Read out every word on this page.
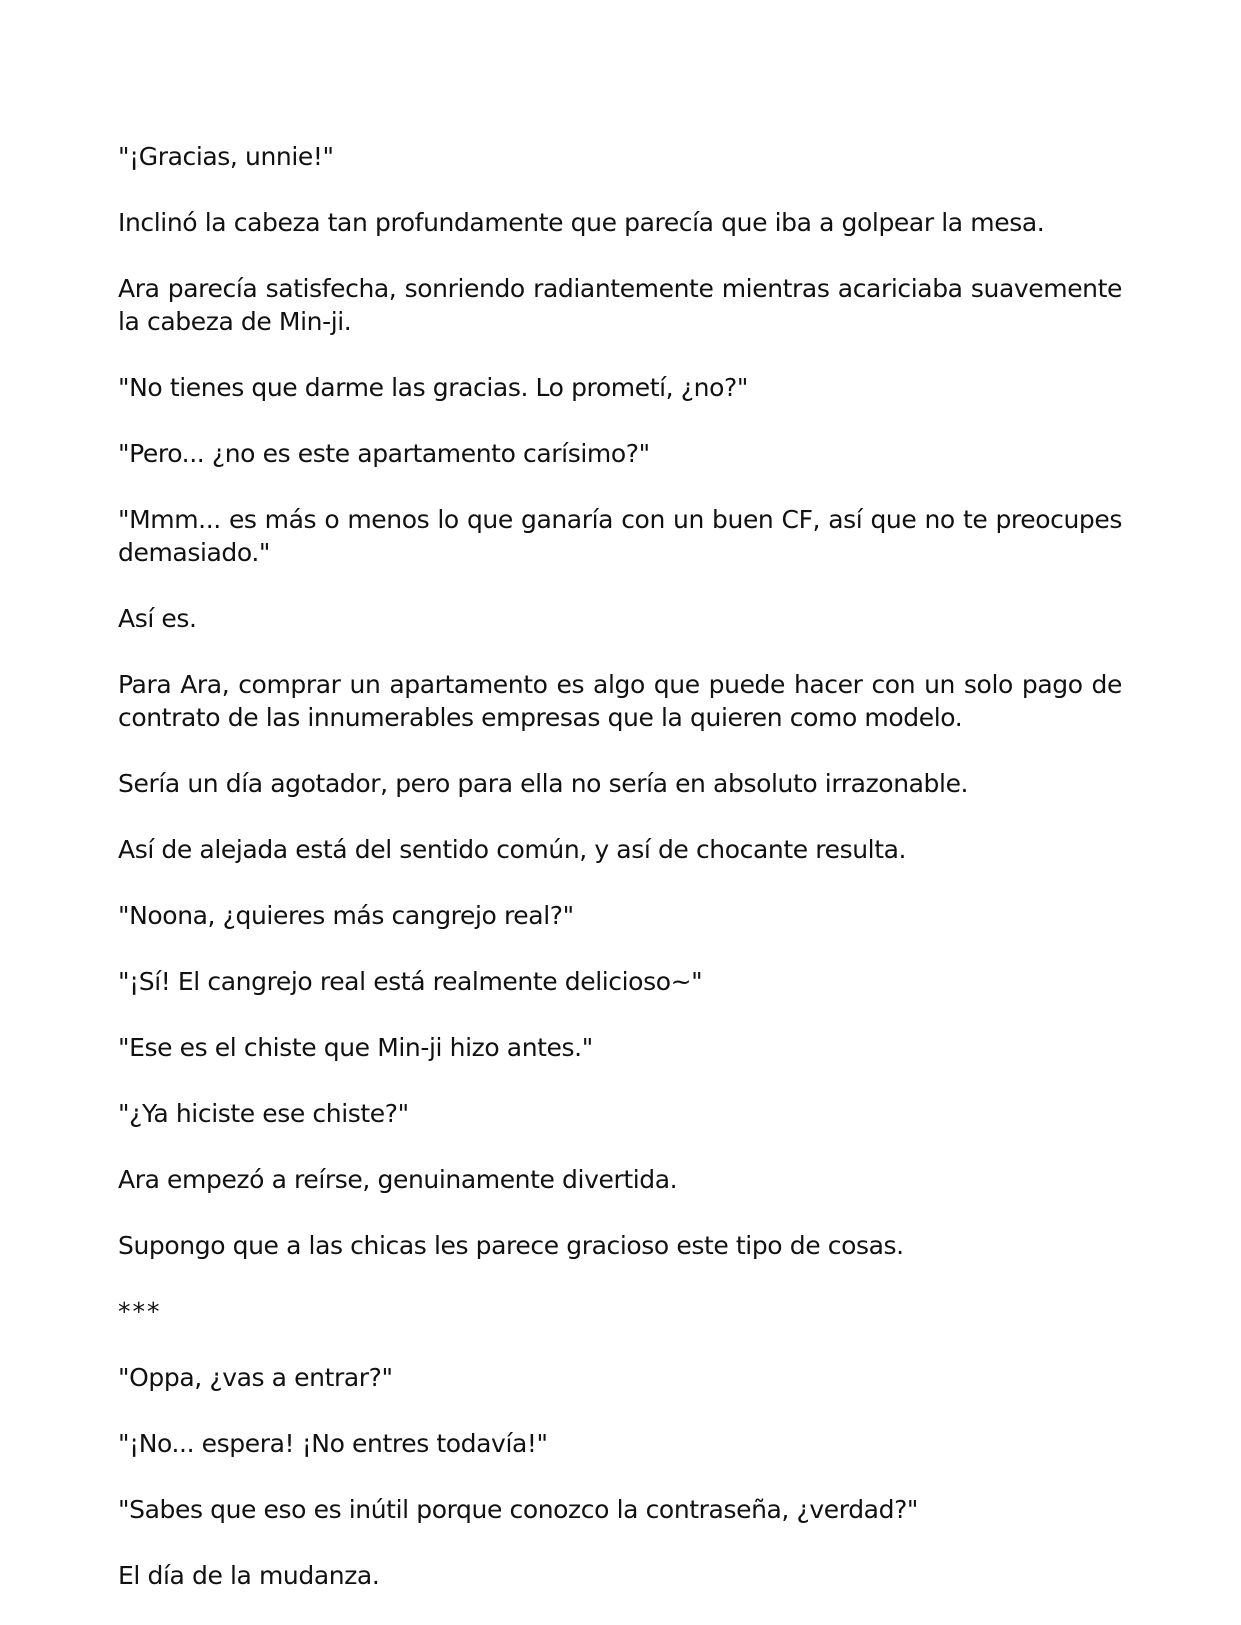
"¡Gracias, unnie!"

Inclinó la cabeza tan profundamente que parecía que iba a golpear la mesa.

Ara parecía satisfecha, sonriendo radiantemente mientras acariciaba suavemente la cabeza de Min-ji.

"No tienes que darme las gracias. Lo prometí, ¿no?"

"Pero... ¿no es este apartamento carísimo?"

"Mmm... es más o menos lo que ganaría con un buen CF, así que no te preocupes demasiado."

Así es.

Para Ara, comprar un apartamento es algo que puede hacer con un solo pago de contrato de las innumerables empresas que la quieren como modelo.

Sería un día agotador, pero para ella no sería en absoluto irrazonable.

Así de alejada está del sentido común, y así de chocante resulta.

"Noona, ¿quieres más cangrejo real?"

"¡Sí! El cangrejo real está realmente delicioso~"

"Ese es el chiste que Min-ji hizo antes."

"¿Ya hiciste ese chiste?"

Ara empezó a reírse, genuinamente divertida.

Supongo que a las chicas les parece gracioso este tipo de cosas.

***

"Oppa, ¿vas a entrar?"

"¡No... espera! ¡No entres todavía!"

"Sabes que eso es inútil porque conozco la contraseña, ¿verdad?"

El día de la mudanza.
